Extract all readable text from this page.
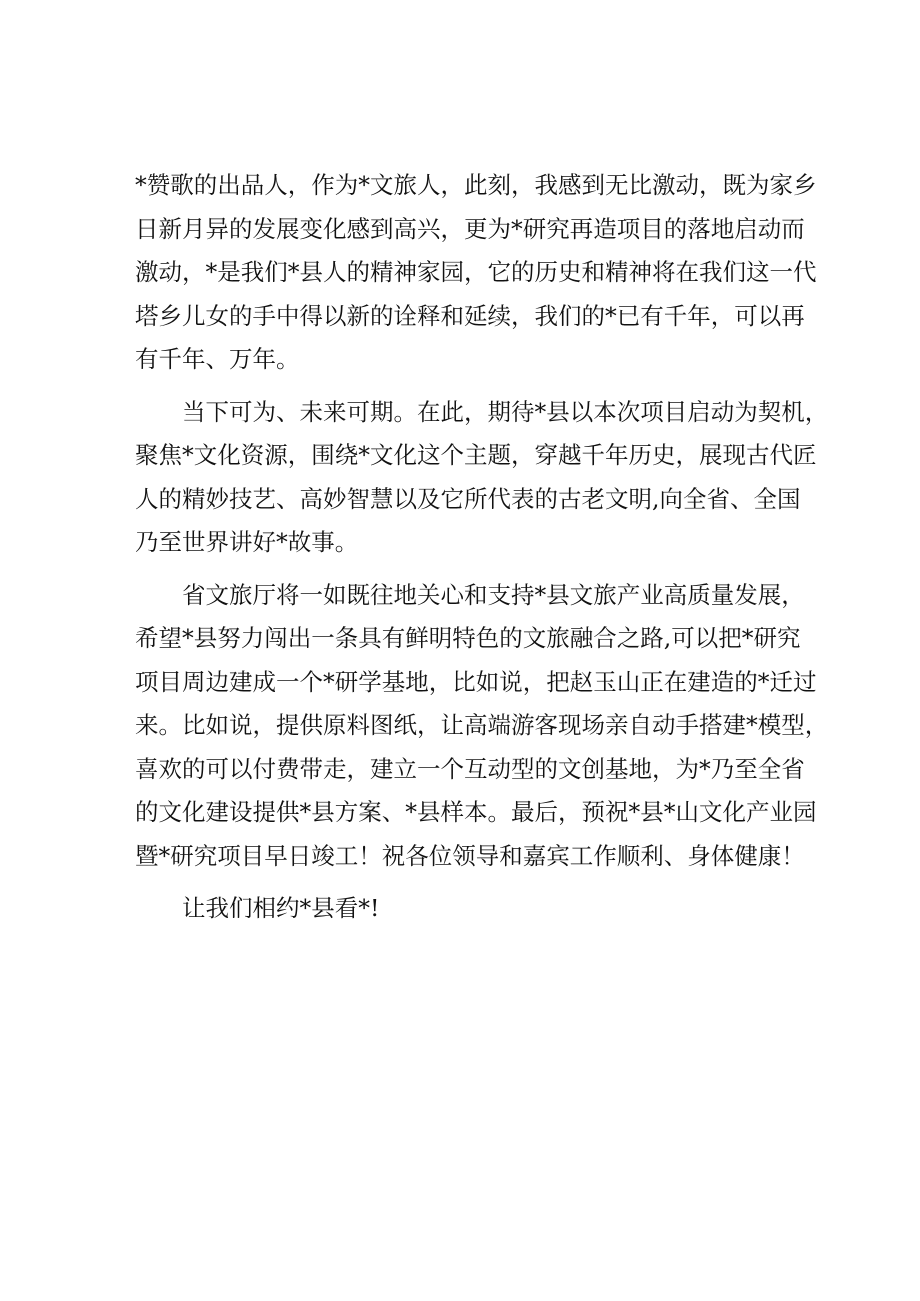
*赞歌的出品人，作为*文旅人，此刻，我感到无比激动，既为家乡
日新月异的发展变化感到高兴，更为*研究再造项目的落地启动而
激动，*是我们*县人的精神家园，它的历史和精神将在我们这一代
塔乡儿女的手中得以新的诠释和延续，我们的*已有千年，可以再
有千年、万年。
当下可为、未来可期。在此，期待*县以本次项目启动为契机，
聚焦*文化资源，围绕*文化这个主题，穿越千年历史，展现古代匠
人的精妙技艺、高妙智慧以及它所代表的古老文明,向全省、全国
乃至世界讲好*故事。
省文旅厅将一如既往地关心和支持*县文旅产业高质量发展，
希望*县努力闯出一条具有鲜明特色的文旅融合之路,可以把*研究
项目周边建成一个*研学基地，比如说，把赵玉山正在建造的*迁过
来。比如说，提供原料图纸，让高端游客现场亲自动手搭建*模型，
喜欢的可以付费带走，建立一个互动型的文创基地，为*乃至全省
的文化建设提供*县方案、*县样本。最后，预祝*县*山文化产业园
暨*研究项目早日竣工！祝各位领导和嘉宾工作顺利、身体健康！
让我们相约*县看*!
